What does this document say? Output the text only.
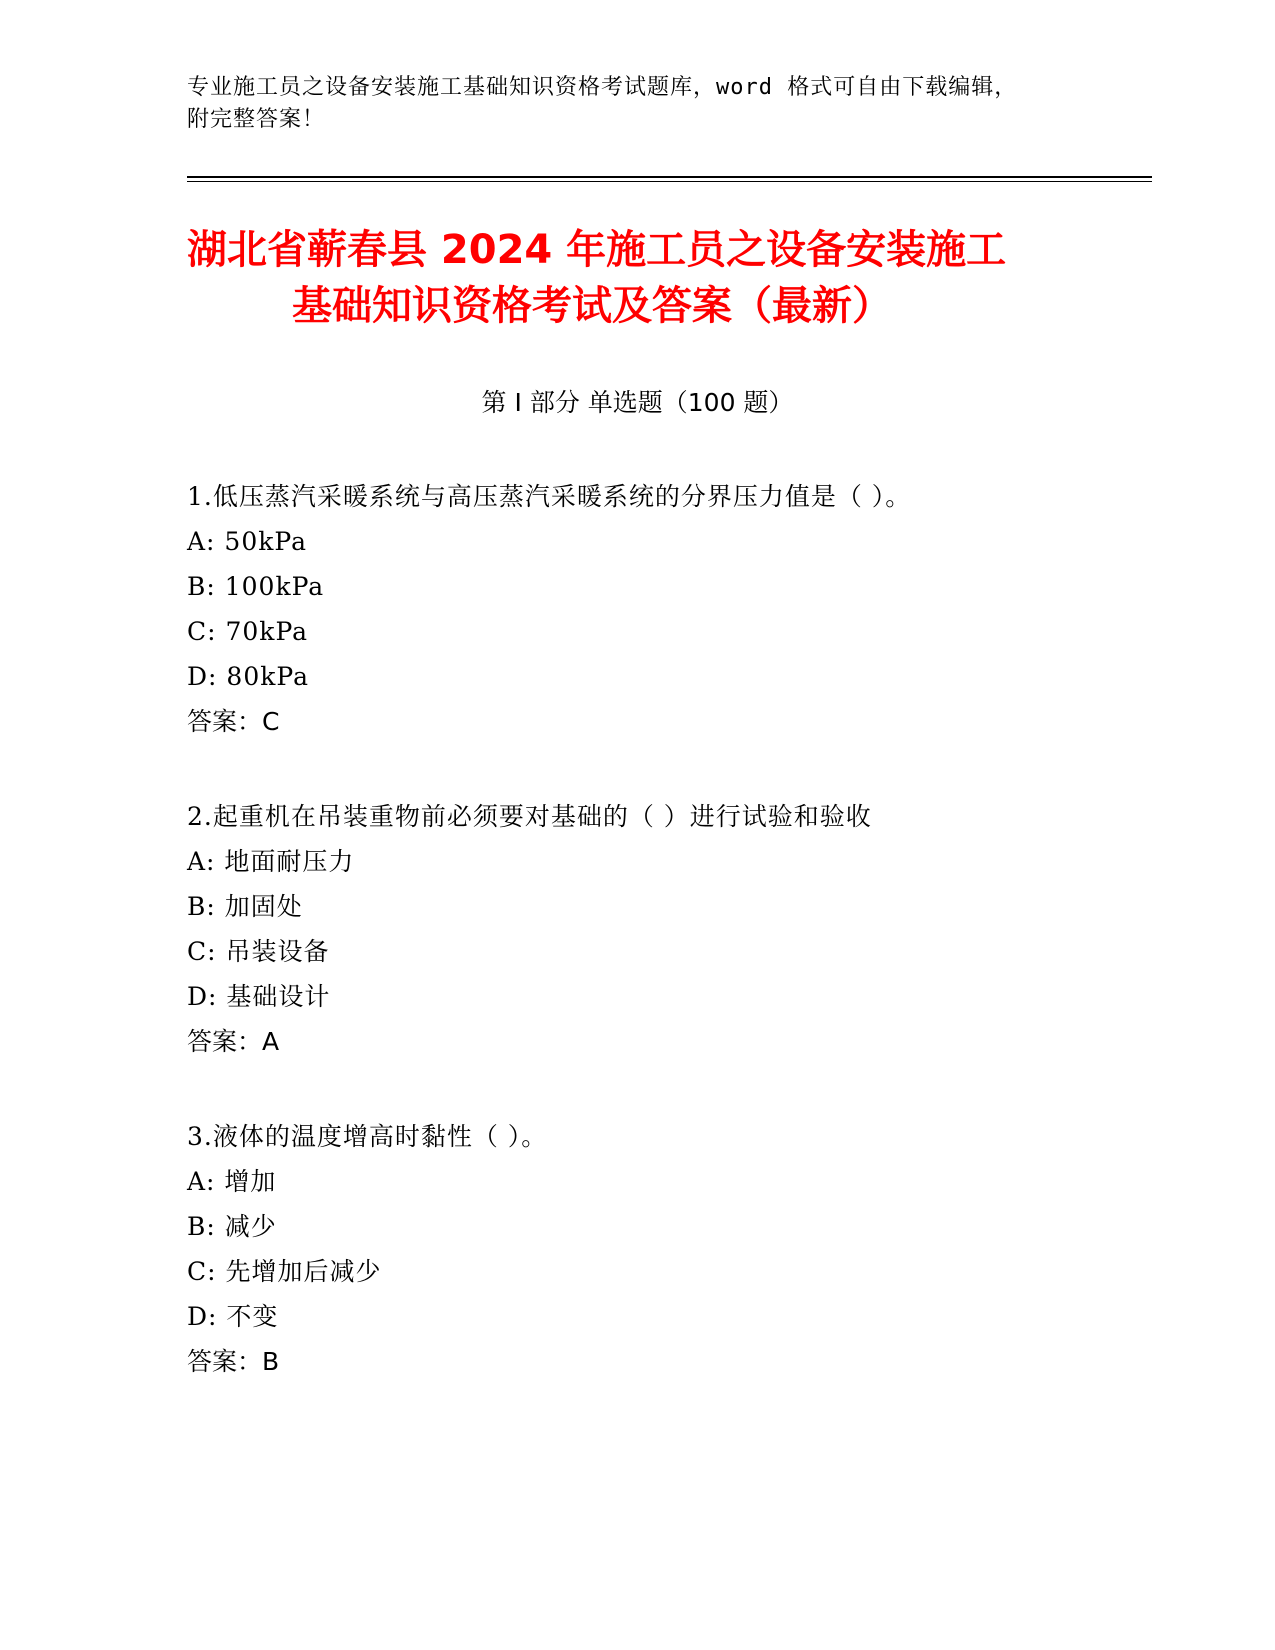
专业施工员之设备安装施工基础知识资格考试题库，word 格式可自由下载编辑，
附完整答案！
湖北省蕲春县 2024 年施工员之设备安装施工
基础知识资格考试及答案（最新）
第 I 部分 单选题（100 题）
1.低压蒸汽采暖系统与高压蒸汽采暖系统的分界压力值是（ ）。
A: 50kPa
B: 100kPa
C: 70kPa
D: 80kPa
答案：C
2.起重机在吊装重物前必须要对基础的（ ）进行试验和验收
A: 地面耐压力
B: 加固处
C: 吊装设备
D: 基础设计
答案：A
3.液体的温度增高时黏性（ ）。
A: 增加
B: 减少
C: 先增加后减少
D: 不变
答案：B
